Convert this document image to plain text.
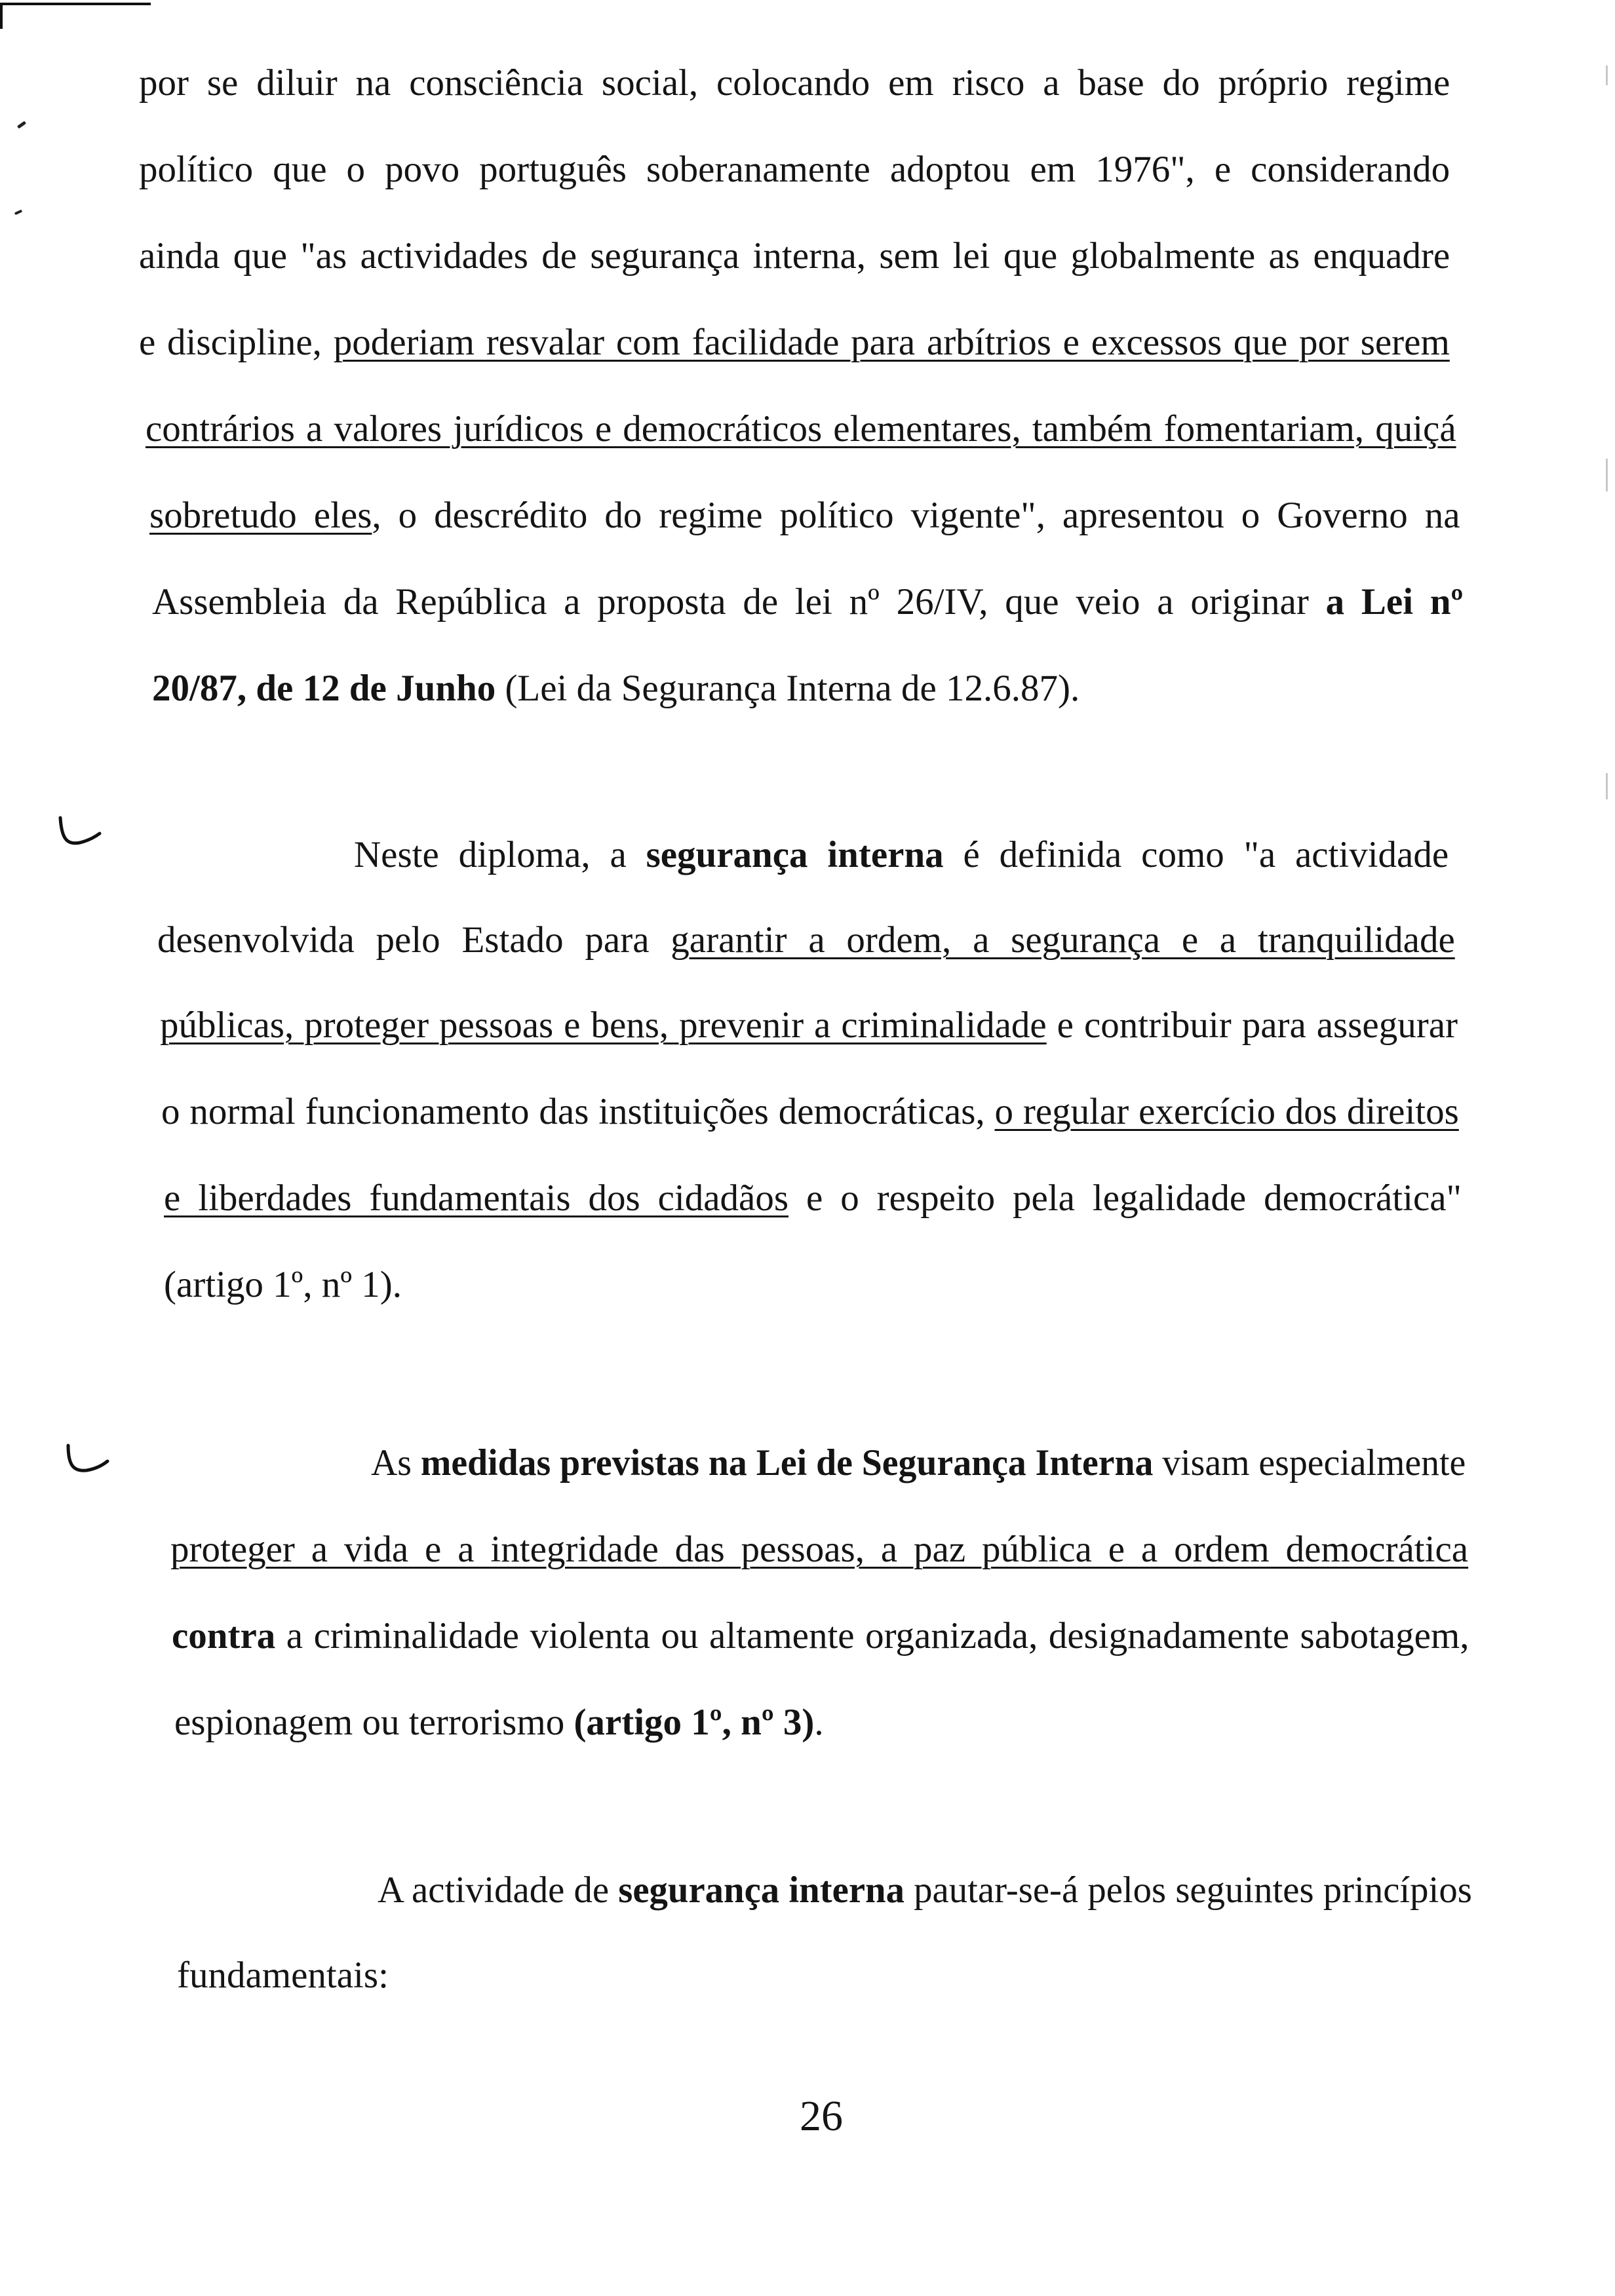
por se diluir na consciência social, colocando em risco a base do próprio regime
político que o povo português soberanamente adoptou em 1976", e considerando
ainda que "as actividades de segurança interna, sem lei que globalmente as enquadre
e discipline, poderiam resvalar com facilidade para arbítrios e excessos que por serem
contrários a valores jurídicos e democráticos elementares, também fomentariam, quiçá
sobretudo eles, o descrédito do regime político vigente", apresentou o Governo na
Assembleia da República a proposta de lei nº 26/IV, que veio a originar a Lei nº
20/87, de 12 de Junho (Lei da Segurança Interna de 12.6.87).
Neste diploma, a segurança interna é definida como "a actividade
desenvolvida pelo Estado para garantir a ordem, a segurança e a tranquilidade
públicas, proteger pessoas e bens, prevenir a criminalidade e contribuir para assegurar
o normal funcionamento das instituições democráticas, o regular exercício dos direitos
e liberdades fundamentais dos cidadãos e o respeito pela legalidade democrática"
(artigo 1º, nº 1).
As medidas previstas na Lei de Segurança Interna visam especialmente
proteger a vida e a integridade das pessoas, a paz pública e a ordem democrática
contra a criminalidade violenta ou altamente organizada, designadamente sabotagem,
espionagem ou terrorismo (artigo 1º, nº 3).
A actividade de segurança interna pautar-se-á pelos seguintes princípios
fundamentais:
26
